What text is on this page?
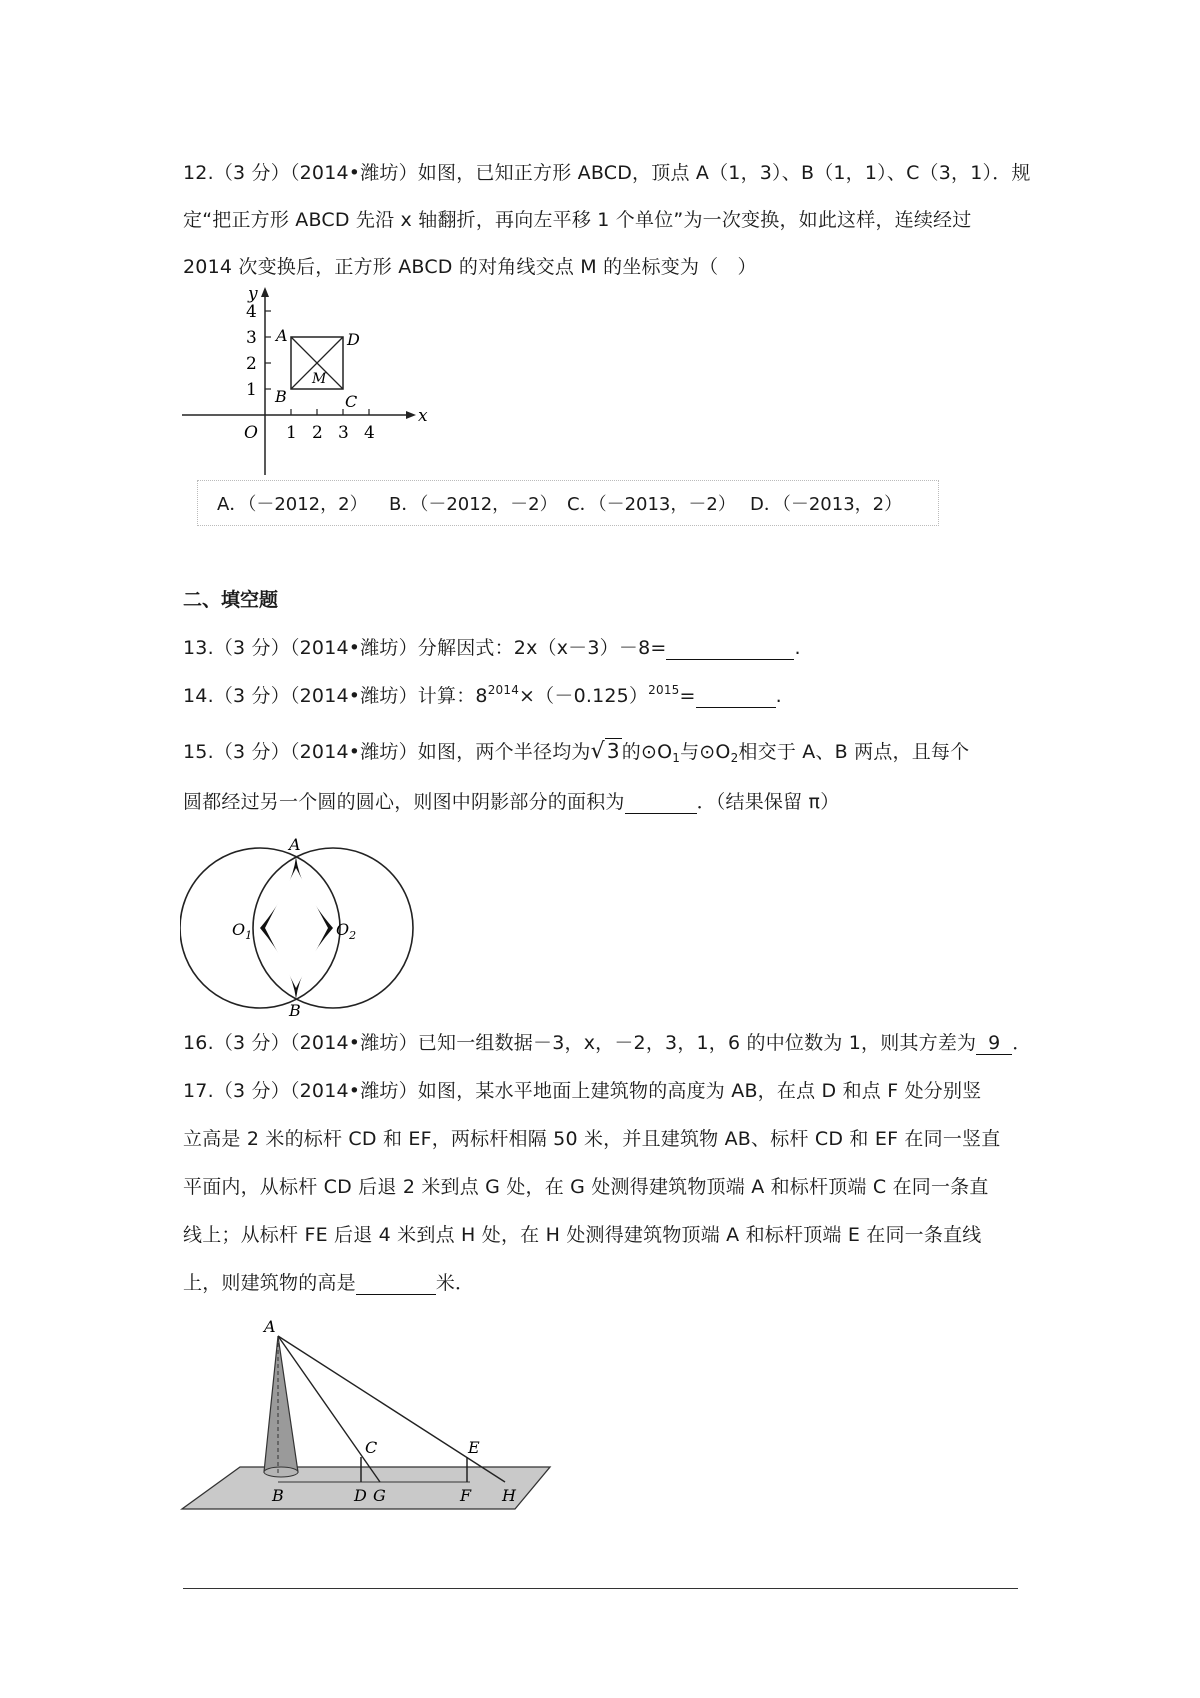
12.（3 分）（2014•潍坊）如图，已知正方形 ABCD，顶点 A（1，3）、B（1，1）、C（3，1）．规
定“把正方形 ABCD 先沿 x 轴翻折，再向左平移 1 个单位”为一次变换，如此这样，连续经过
2014 次变换后，正方形 ABCD 的对角线交点 M 的坐标变为（　）
y
x
O
4
3
2
1
1 2 3 4
A	D
B	C
M
A．（－2012，2） B．（－2012，－2） C．（－2013，－2） D．（－2013，2）
二、填空题
13.（3 分）（2014•潍坊）分解因式：2x（x－3）－8=	.
14.（3 分）（2014•潍坊）计算：$8^{2014}\times(-0.125)^{2015}=$	.
15.（3 分）（2014•潍坊）如图，两个半径均为√ 3 的$⊙O_1$与$⊙O_2$相交于 A、B 两点，且每个
圆都经过另一个圆的圆心，则图中阴影部分的面积为	．（结果保留 π）
A
B
$O_1$	$O_2$
16.（3 分）（2014•潍坊）已知一组数据－3，x，－2，3，1，6 的中位数为 1，则其方差为 9 ．
17.（3 分）（2014•潍坊）如图，某水平地面上建筑物的高度为 AB，在点 D 和点 F 处分别竖
立高是 2 米的标杆 CD 和 EF，两标杆相隔 50 米，并且建筑物 AB、标杆 CD 和 EF 在同一竖直
平面内，从标杆 CD 后退 2 米到点 G 处，在 G 处测得建筑物顶端 A 和标杆顶端 C 在同一条直
线上；从标杆 FE 后退 4 米到点 H 处，在 H 处测得建筑物顶端 A 和标杆顶端 E 在同一条直线
上，则建筑物的高是	米．
A
B
C
D G
E
F H
